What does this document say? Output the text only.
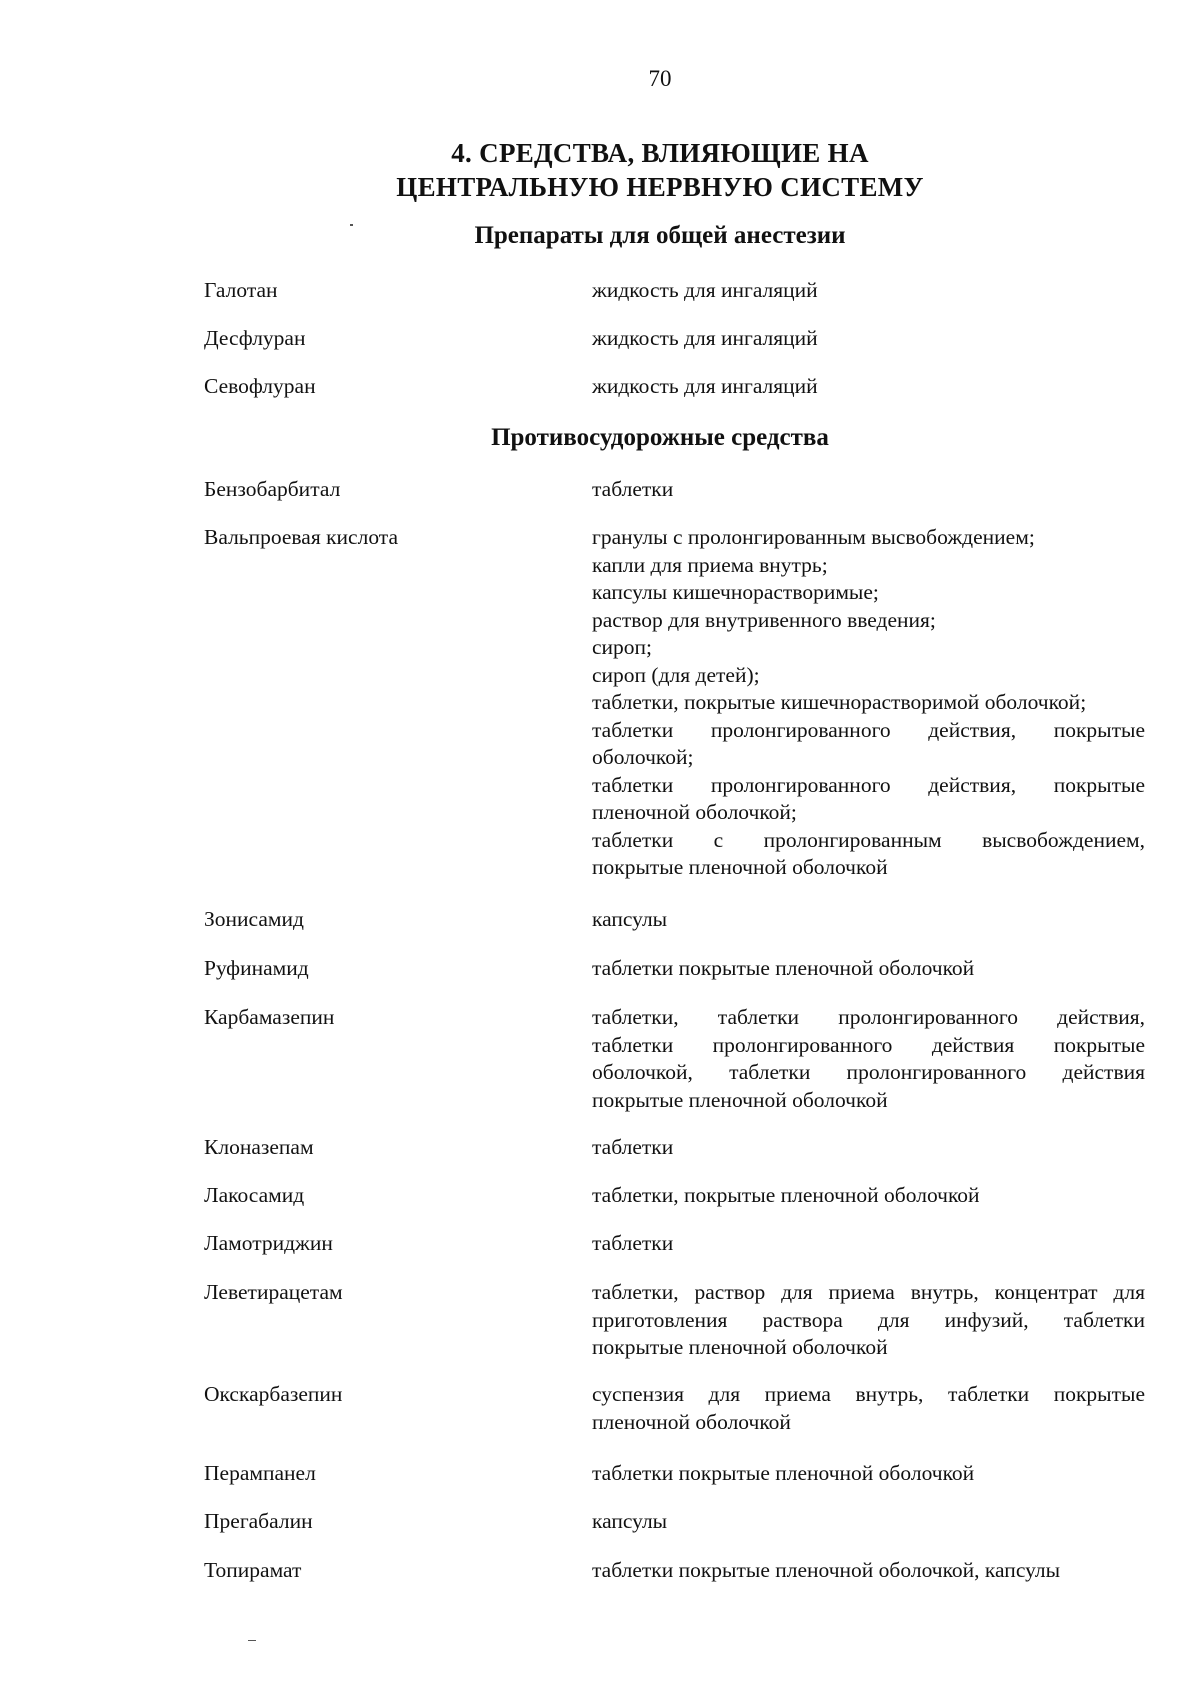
70
4. СРЕДСТВА, ВЛИЯЮЩИЕ НА
ЦЕНТРАЛЬНУЮ НЕРВНУЮ СИСТЕМУ
Препараты для общей анестезии
Галотан	жидкость для ингаляций
Десфлуран	жидкость для ингаляций
Севофлуран	жидкость для ингаляций
Противосудорожные средства
Бензобарбитал	таблетки
Вальпроевая кислота	гранулы с пролонгированным высвобождением;
капли для приема внутрь;
капсулы кишечнорастворимые;
раствор для внутривенного введения;
сироп;
сироп (для детей);
таблетки, покрытые кишечнорастворимой оболочкой;
таблетки пролонгированного действия, покрытые
оболочкой;
таблетки пролонгированного действия, покрытые
пленочной оболочкой;
таблетки с пролонгированным высвобождением,
покрытые пленочной оболочкой
Зонисамид	капсулы
Руфинамид	таблетки покрытые пленочной оболочкой
Карбамазепин	таблетки, таблетки пролонгированного действия,
таблетки пролонгированного действия покрытые
оболочкой, таблетки пролонгированного действия
покрытые пленочной оболочкой
Клоназепам	таблетки
Лакосамид	таблетки, покрытые пленочной оболочкой
Ламотриджин	таблетки
Леветирацетам	таблетки, раствор для приема внутрь, концентрат для
приготовления раствора для инфузий, таблетки
покрытые пленочной оболочкой
Окскарбазепин	суспензия для приема внутрь, таблетки покрытые
пленочной оболочкой
Перампанел	таблетки покрытые пленочной оболочкой
Прегабалин	капсулы
Топирамат	таблетки покрытые пленочной оболочкой, капсулы
